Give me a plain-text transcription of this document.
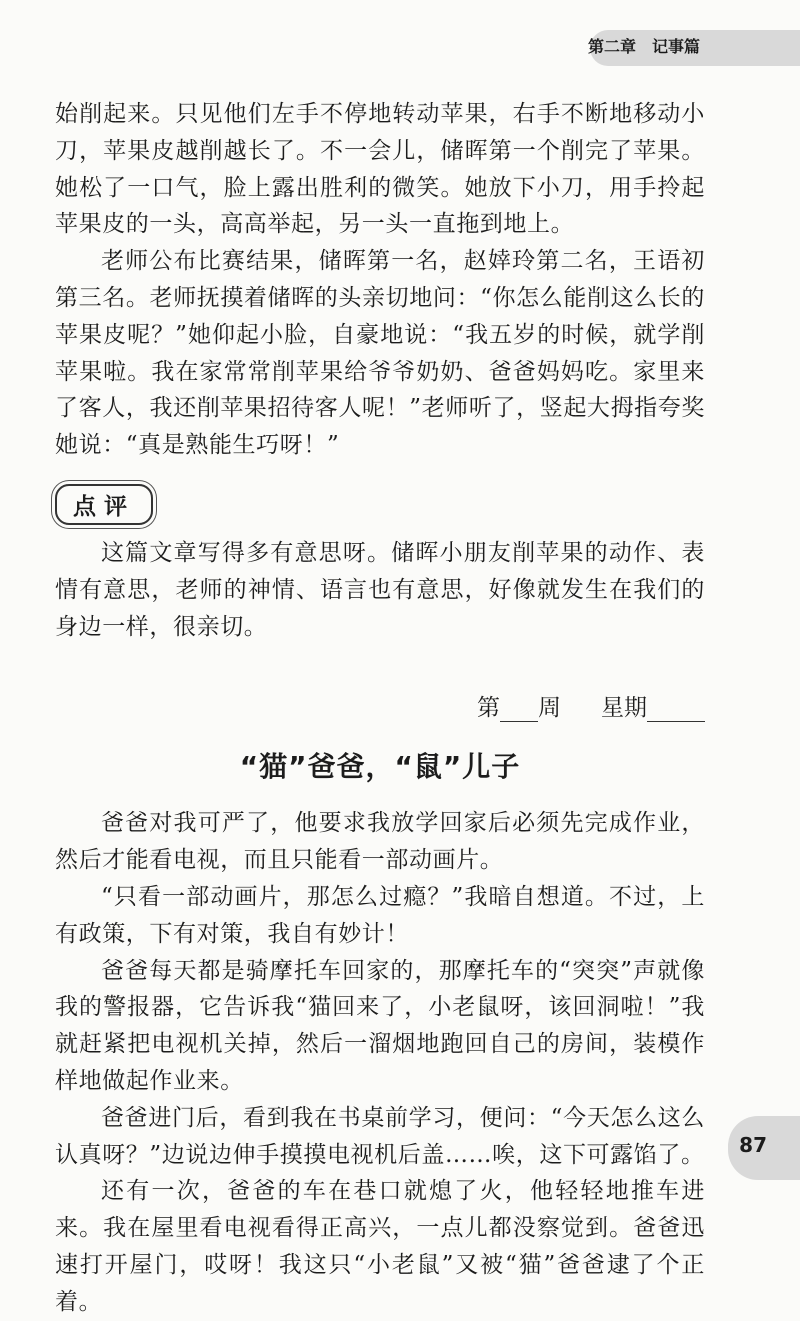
第二章　记事篇

始削起来。只见他们左手不停地转动苹果，右手不断地移动小刀，苹果皮越削越长了。不一会儿，储晖第一个削完了苹果。她松了一口气，脸上露出胜利的微笑。她放下小刀，用手拎起苹果皮的一头，高高举起，另一头一直拖到地上。

老师公布比赛结果，储晖第一名，赵婞玲第二名，王语初第三名。老师抚摸着储晖的头亲切地问：“你怎么能削这么长的苹果皮呢？”她仰起小脸，自豪地说：“我五岁的时候，就学削苹果啦。我在家常常削苹果给爷爷奶奶、爸爸妈妈吃。家里来了客人，我还削苹果招待客人呢！”老师听了，竖起大拇指夸奖她说：“真是熟能生巧呀！”

点评

这篇文章写得多有意思呀。储晖小朋友削苹果的动作、表情有意思，老师的神情、语言也有意思，好像就发生在我们的身边一样，很亲切。

第 周 星期
“猫”爸爸，“鼠”儿子

爸爸对我可严了，他要求我放学回家后必须先完成作业，然后才能看电视，而且只能看一部动画片。

“只看一部动画片，那怎么过瘾？”我暗自想道。不过，上有政策，下有对策，我自有妙计！

爸爸每天都是骑摩托车回家的，那摩托车的“突突”声就像我的警报器，它告诉我“猫回来了，小老鼠呀，该回洞啦！”我就赶紧把电视机关掉，然后一溜烟地跑回自己的房间，装模作样地做起作业来。

爸爸进门后，看到我在书桌前学习，便问：“今天怎么这么认真呀？”边说边伸手摸摸电视机后盖……唉，这下可露馅了。

还有一次，爸爸的车在巷口就熄了火，他轻轻地推车进来。我在屋里看电视看得正高兴，一点儿都没察觉到。爸爸迅速打开屋门，哎呀！我这只“小老鼠”又被“猫”爸爸逮了个正着。

87
